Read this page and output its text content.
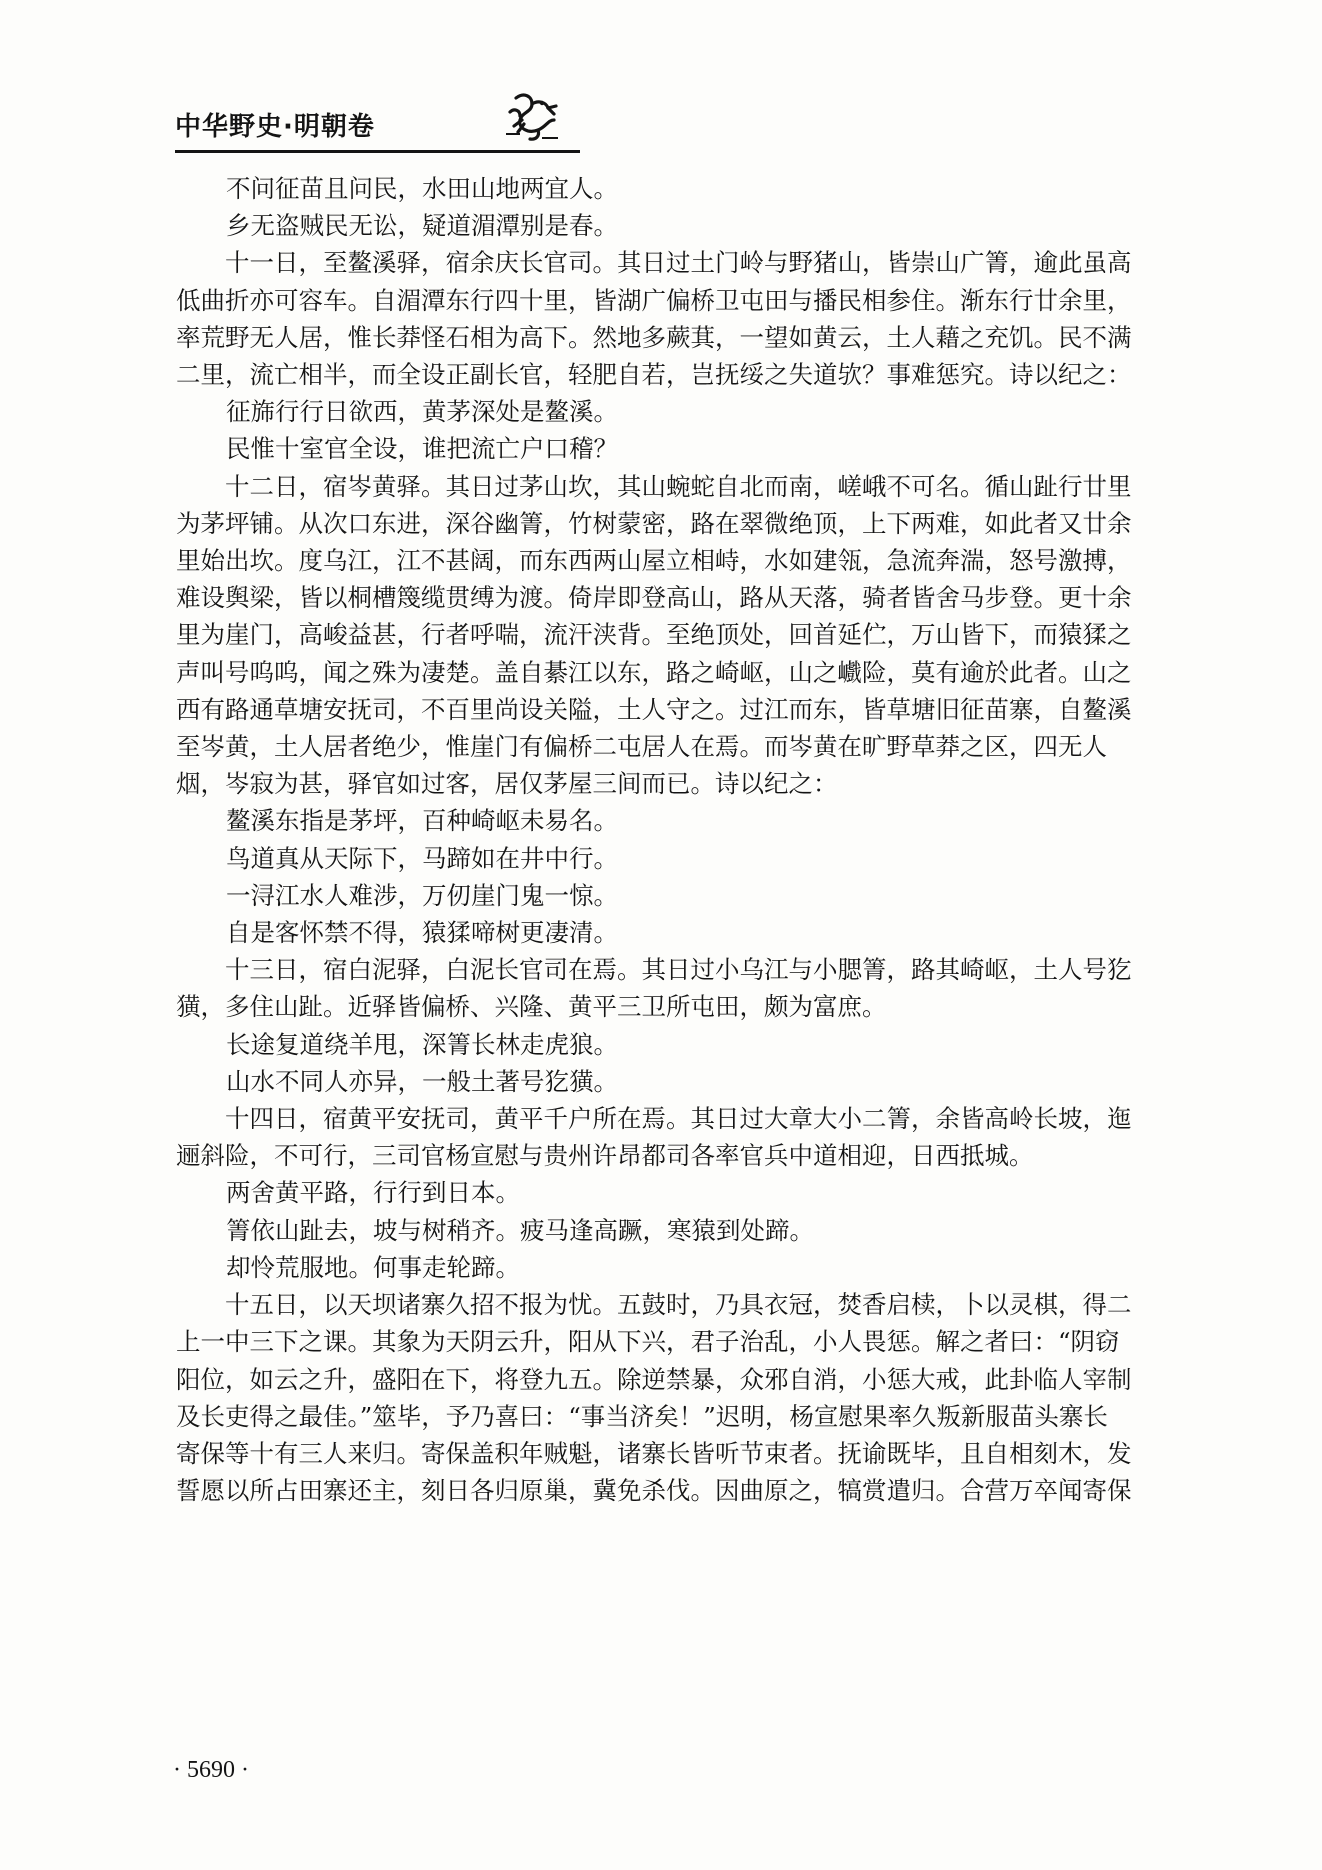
中华野史·明朝卷

不问征苗且问民，水田山地两宜人。

乡无盗贼民无讼，疑道湄潭别是春。

十一日，至鳌溪驿，宿余庆长官司。其日过土门岭与野猪山，皆崇山广箐，逾此虽高

低曲折亦可容车。自湄潭东行四十里，皆湖广偏桥卫屯田与播民相参住。渐东行廿余里，

率荒野无人居，惟长莽怪石相为高下。然地多蕨萁，一望如黄云，土人藉之充饥。民不满

二里，流亡相半，而全设正副长官，轻肥自若，岂抚绥之失道欤？事难惩究。诗以纪之：

征旆行行日欲西，黄茅深处是鳌溪。

民惟十室官全设，谁把流亡户口稽？

十二日，宿岑黄驿。其日过茅山坎，其山蜿蛇自北而南，嵯峨不可名。循山趾行廿里

为茅坪铺。从次口东进，深谷幽箐，竹树蒙密，路在翠微绝顶，上下两难，如此者又廿余

里始出坎。度乌江，江不甚阔，而东西两山屋立相峙，水如建瓴，急流奔湍，怒号激搏，

难设舆梁，皆以桐槽篾缆贯缚为渡。倚岸即登高山，路从天落，骑者皆舍马步登。更十余

里为崖门，高峻益甚，行者呼喘，流汗浃背。至绝顶处，回首延伫，万山皆下，而猿猱之

声叫号呜呜，闻之殊为凄楚。盖自綦江以东，路之崎岖，山之巇险，莫有逾於此者。山之

西有路通草塘安抚司，不百里尚设关隘，土人守之。过江而东，皆草塘旧征苗寨，自鳌溪

至岑黄，土人居者绝少，惟崖门有偏桥二屯居人在焉。而岑黄在旷野草莽之区，四无人

烟，岑寂为甚，驿官如过客，居仅茅屋三间而已。诗以纪之：

鳌溪东指是茅坪，百种崎岖未易名。

鸟道真从天际下，马蹄如在井中行。

一浔江水人难涉，万仞崖门鬼一惊。

自是客怀禁不得，猿猱啼树更凄清。

十三日，宿白泥驿，白泥长官司在焉。其日过小乌江与小腮箐，路其崎岖，土人号犵

獚，多住山趾。近驿皆偏桥、兴隆、黄平三卫所屯田，颇为富庶。

长途复道绕羊甩，深箐长林走虎狼。

山水不同人亦异，一般土著号犵獚。

十四日，宿黄平安抚司，黄平千户所在焉。其日过大章大小二箐，余皆高岭长坡，迤

逦斜险，不可行，三司官杨宣慰与贵州许昂都司各率官兵中道相迎，日西抵城。

两舍黄平路，行行到日本。

箐依山趾去，坡与树稍齐。疲马逢高蹶，寒猿到处蹄。

却怜荒服地。何事走轮蹄。

十五日，以天坝诸寨久招不报为忧。五鼓时，乃具衣冠，焚香启椟，卜以灵棋，得二

上一中三下之课。其象为天阴云升，阳从下兴，君子治乱，小人畏惩。解之者曰：“阴窃

阳位，如云之升，盛阳在下，将登九五。除逆禁暴，众邪自消，小惩大戒，此卦临人宰制

及长吏得之最佳。”筮毕，予乃喜曰：“事当济矣！”迟明，杨宣慰果率久叛新服苗头寨长

寄保等十有三人来归。寄保盖积年贼魁，诸寨长皆听节束者。抚谕既毕，且自相刻木，发

誓愿以所占田寨还主，刻日各归原巢，冀免杀伐。因曲原之，犒赏遣归。合营万卒闻寄保

· 5690 ·
